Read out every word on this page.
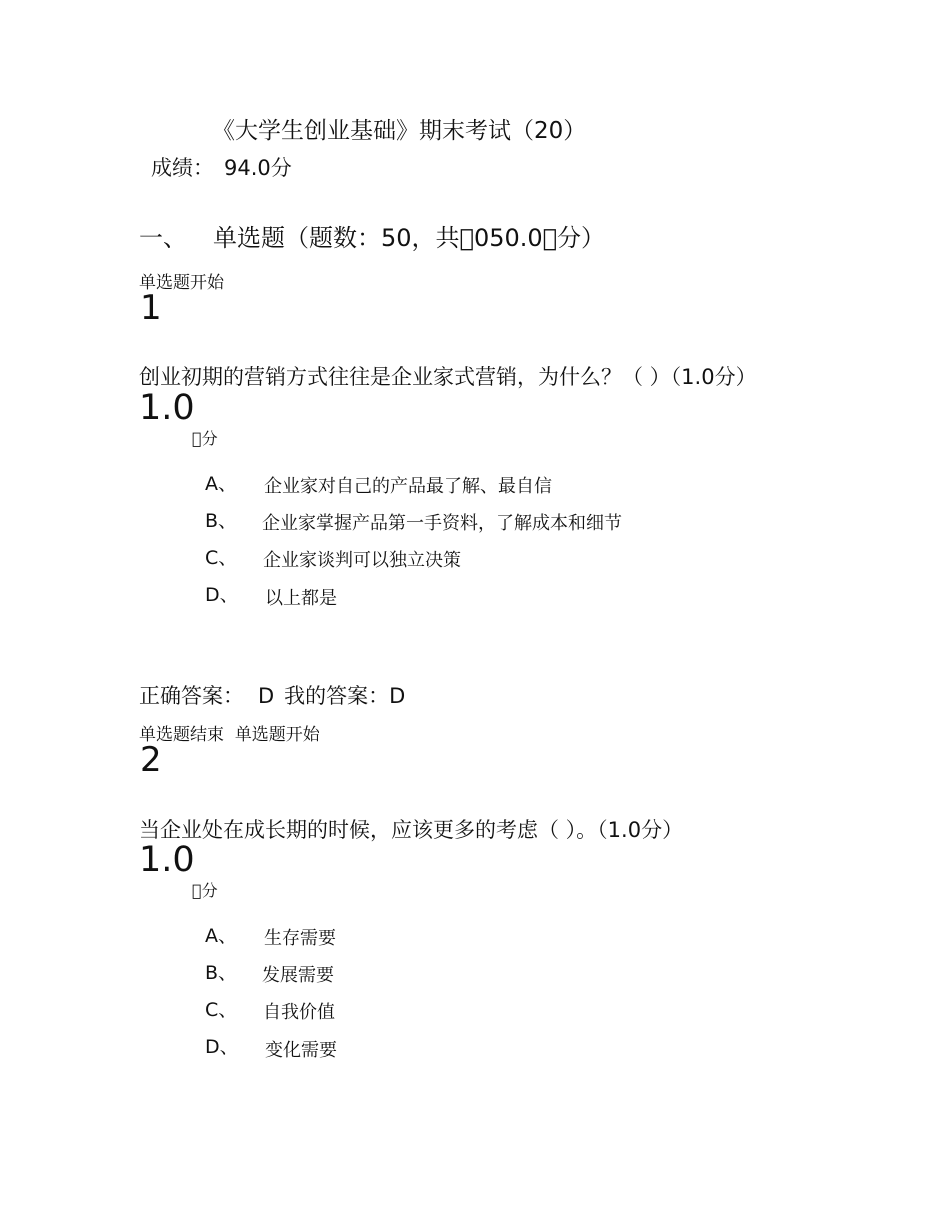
《大学生创业基础》期末考试（20）
成绩： 94.0分
一、 单选题（题数：50，共 050.0 分）
单选题开始
1
创业初期的营销方式往往是企业家式营销，为什么？（ ）（1.0分）
1.0
 分
A、 企业家对自己的产品最了解、最自信
B、 企业家掌握产品第一手资料，了解成本和细节
C、 企业家谈判可以独立决策
D、 以上都是
正确答案： D 我的答案：D
单选题结束 单选题开始
2
当企业处在成长期的时候，应该更多的考虑（ ）。（1.0分）
1.0
 分
A、 生存需要
B、 发展需要
C、 自我价值
D、 变化需要
